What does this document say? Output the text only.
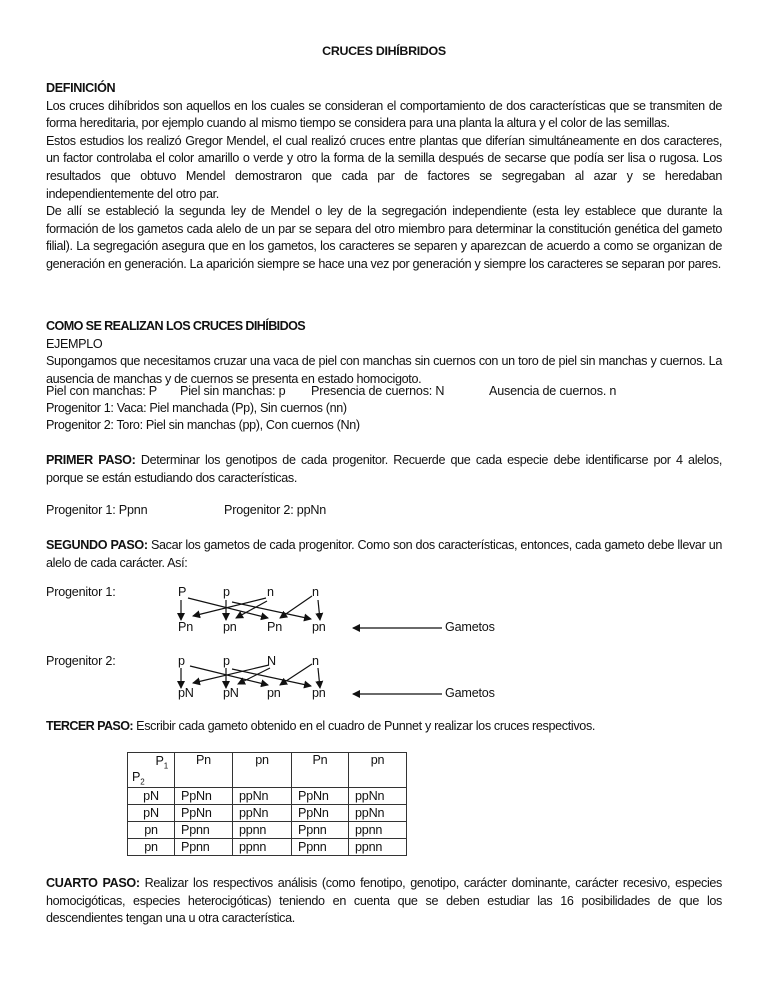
CRUCES DIHÍBRIDOS
DEFINICIÓN
Los cruces dihíbridos son aquellos en los cuales se consideran el comportamiento de dos características que se transmiten de forma hereditaria, por ejemplo cuando al mismo tiempo se considera para una planta la altura y el color de las semillas.
Estos estudios los realizó Gregor Mendel, el cual realizó cruces entre plantas que diferían simultáneamente en dos caracteres, un factor controlaba el color amarillo o verde y otro la forma de la semilla después de secarse que podía ser lisa o rugosa. Los resultados que obtuvo Mendel demostraron que cada par de factores se segregaban al azar y se heredaban independientemente del otro par.
De allí se estableció la segunda ley de Mendel o ley de la segregación independiente (esta ley establece que durante la formación de los gametos cada alelo de un par se separa del otro miembro para determinar la constitución genética del gameto filial). La segregación asegura que en los gametos, los caracteres se separen y aparezcan de acuerdo a como se organizan de generación en generación. La aparición siempre se hace una vez por generación y siempre los caracteres se separan por pares.
COMO SE REALIZAN LOS CRUCES DIHÍBIDOS
EJEMPLO
Supongamos que necesitamos cruzar una vaca de piel con manchas sin cuernos con un toro de piel sin manchas y cuernos. La ausencia de manchas y de cuernos se presenta en estado homocigoto.
Piel con manchas: P Piel sin manchas: p Presencia de cuernos: N	Ausencia de cuernos. n
Progenitor 1: Vaca: Piel manchada (Pp), Sin cuernos (nn)
Progenitor 2: Toro: Piel sin manchas (pp), Con cuernos (Nn)
PRIMER PASO: Determinar los genotipos de cada progenitor. Recuerde que cada especie debe identificarse por 4 alelos, porque se están estudiando dos características.
Progenitor 1: Ppnn	Progenitor 2: ppNn
SEGUNDO PASO: Sacar los gametos de cada progenitor. Como son dos características, entonces, cada gameto debe llevar un alelo de cada carácter. Así:
Progenitor 1:	P	p	n	n
Pn pn Pn pn	Gametos
Progenitor 2:	p	p	N	n
pN pN pn pn	Gametos
TERCER PASO: Escribir cada gameto obtenido en el cuadro de Punnet y realizar los cruces respectivos.
$P_1$
$P_2$	Pn	pn	Pn	pn
pN	PpNn	ppNn	PpNn	ppNn
pN	PpNn	ppNn	PpNn	ppNn
pn	Ppnn	ppnn	Ppnn	ppnn
pn	Ppnn	ppnn	Ppnn	ppnn
CUARTO PASO: Realizar los respectivos análisis (como fenotipo, genotipo, carácter dominante, carácter recesivo, especies homocigóticas, especies heterocigóticas) teniendo en cuenta que se deben estudiar las 16 posibilidades de que los descendientes tengan una u otra característica.
